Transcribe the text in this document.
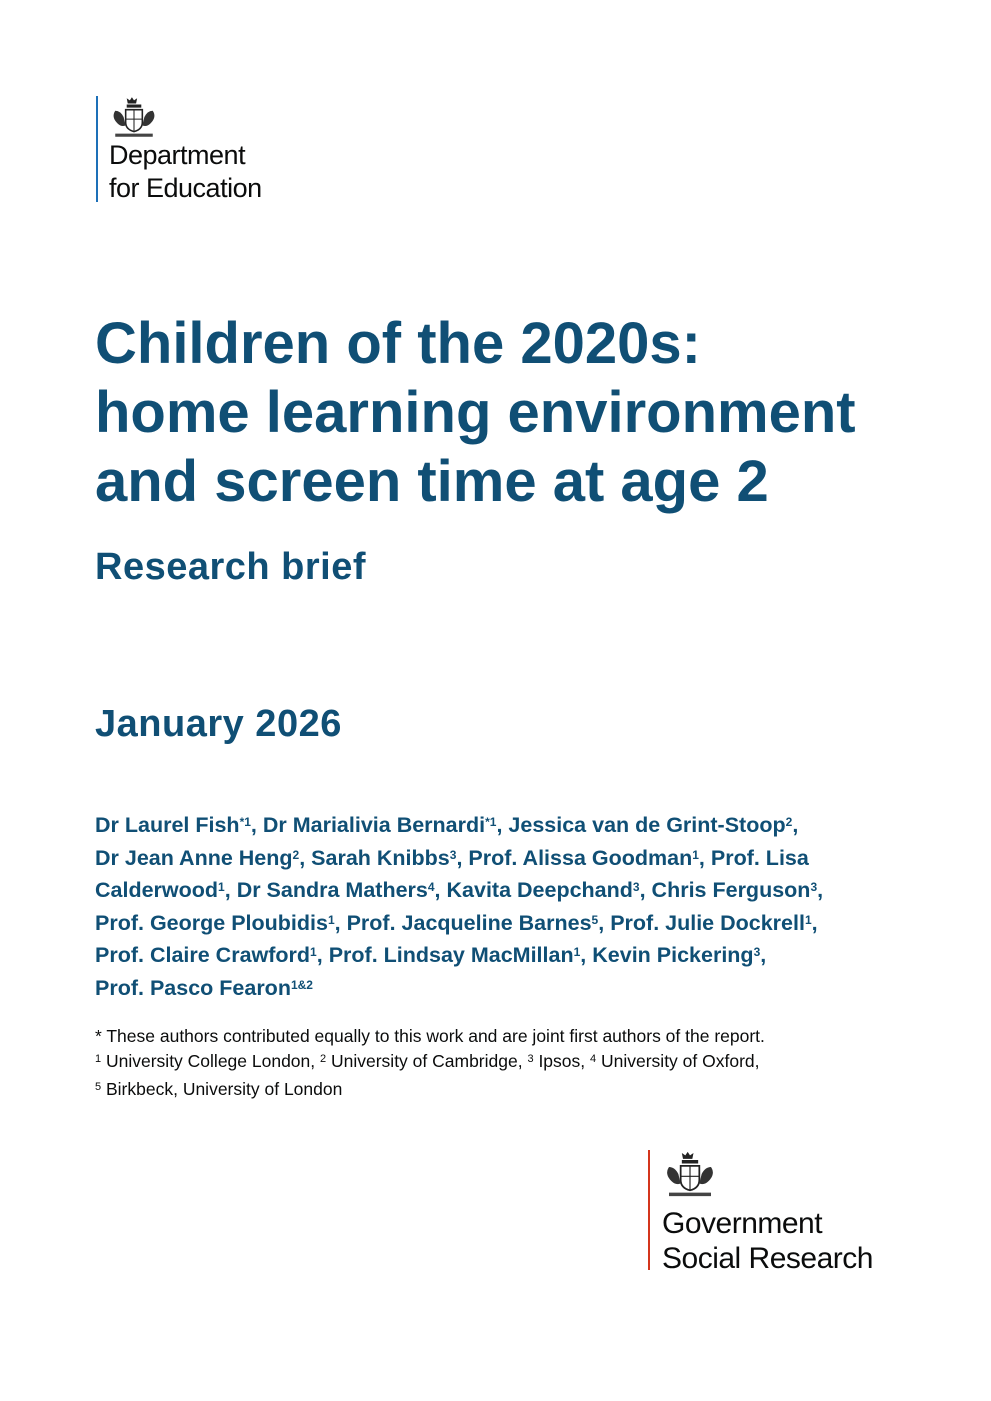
Department
for Education
Children of the 2020s:
home learning environment
and screen time at age 2
Research brief
January 2026
Dr Laurel Fish$^{*1}$, Dr Marialivia Bernardi$^{*1}$, Jessica van de Grint-Stoop$^2$,
Dr Jean Anne Heng$^2$, Sarah Knibbs$^3$, Prof. Alissa Goodman$^1$, Prof. Lisa
Calderwood$^1$, Dr Sandra Mathers$^4$, Kavita Deepchand$^3$, Chris Ferguson$^3$,
Prof. George Ploubidis$^1$, Prof. Jacqueline Barnes$^5$, Prof. Julie Dockrell$^1$,
Prof. Claire Crawford$^1$, Prof. Lindsay MacMillan$^1$, Kevin Pickering$^3$,
Prof. Pasco Fearon$^{1\&2}$
* These authors contributed equally to this work and are joint first authors of the report.
$^1$ University College London, $^2$ University of Cambridge, $^3$ Ipsos, $^4$ University of Oxford,
$^5$ Birkbeck, University of London
Government
Social Research
